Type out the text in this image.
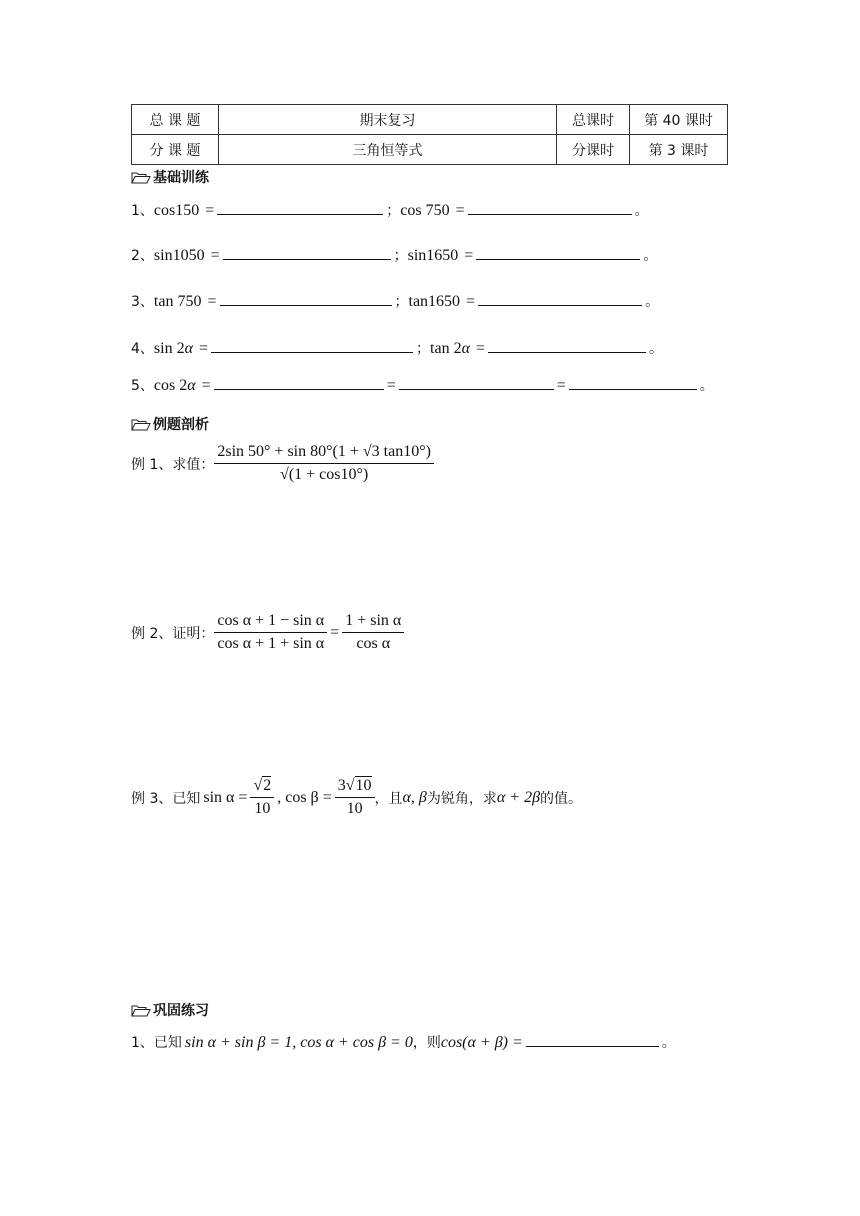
总 课 题	期末复习	总课时	第 40 课时
分 课 题	三角恒等式	分课时	第 3 课时
基础训练
1、 cos15 0 =	； cos 75 0 =	。
2、 sin105 0 =	； sin165 0 =	。
3、 tan 75 0 =	； tan165 0 =	。
4、 sin 2 α =	； tan 2 α =	。
5、 cos 2 α =	=	=	。
例题剖析
例 1、求值： $\frac{2\sin 50^\circ + \sin 80^\circ(1 + √3 \tan 10^\circ)}{√(1 + \cos 10^\circ)}$
例 2、证明： $\frac{\text{cos α + 1 − sin α}}{\text{cos α + 1 + sin α}} = \frac{\text{1 + sin α}}{\text{cos α}}$
例 3、已知 $\sin \alpha = \frac{√2}{10}$ , $\cos \beta = \frac{3√10}{10}$ ，且 α, β 为锐角，求 α + 2β 的值。
巩固练习
1、已知 sin α + sin β = 1, cos α + cos β = 0 ，则 cos(α + β) =	。
